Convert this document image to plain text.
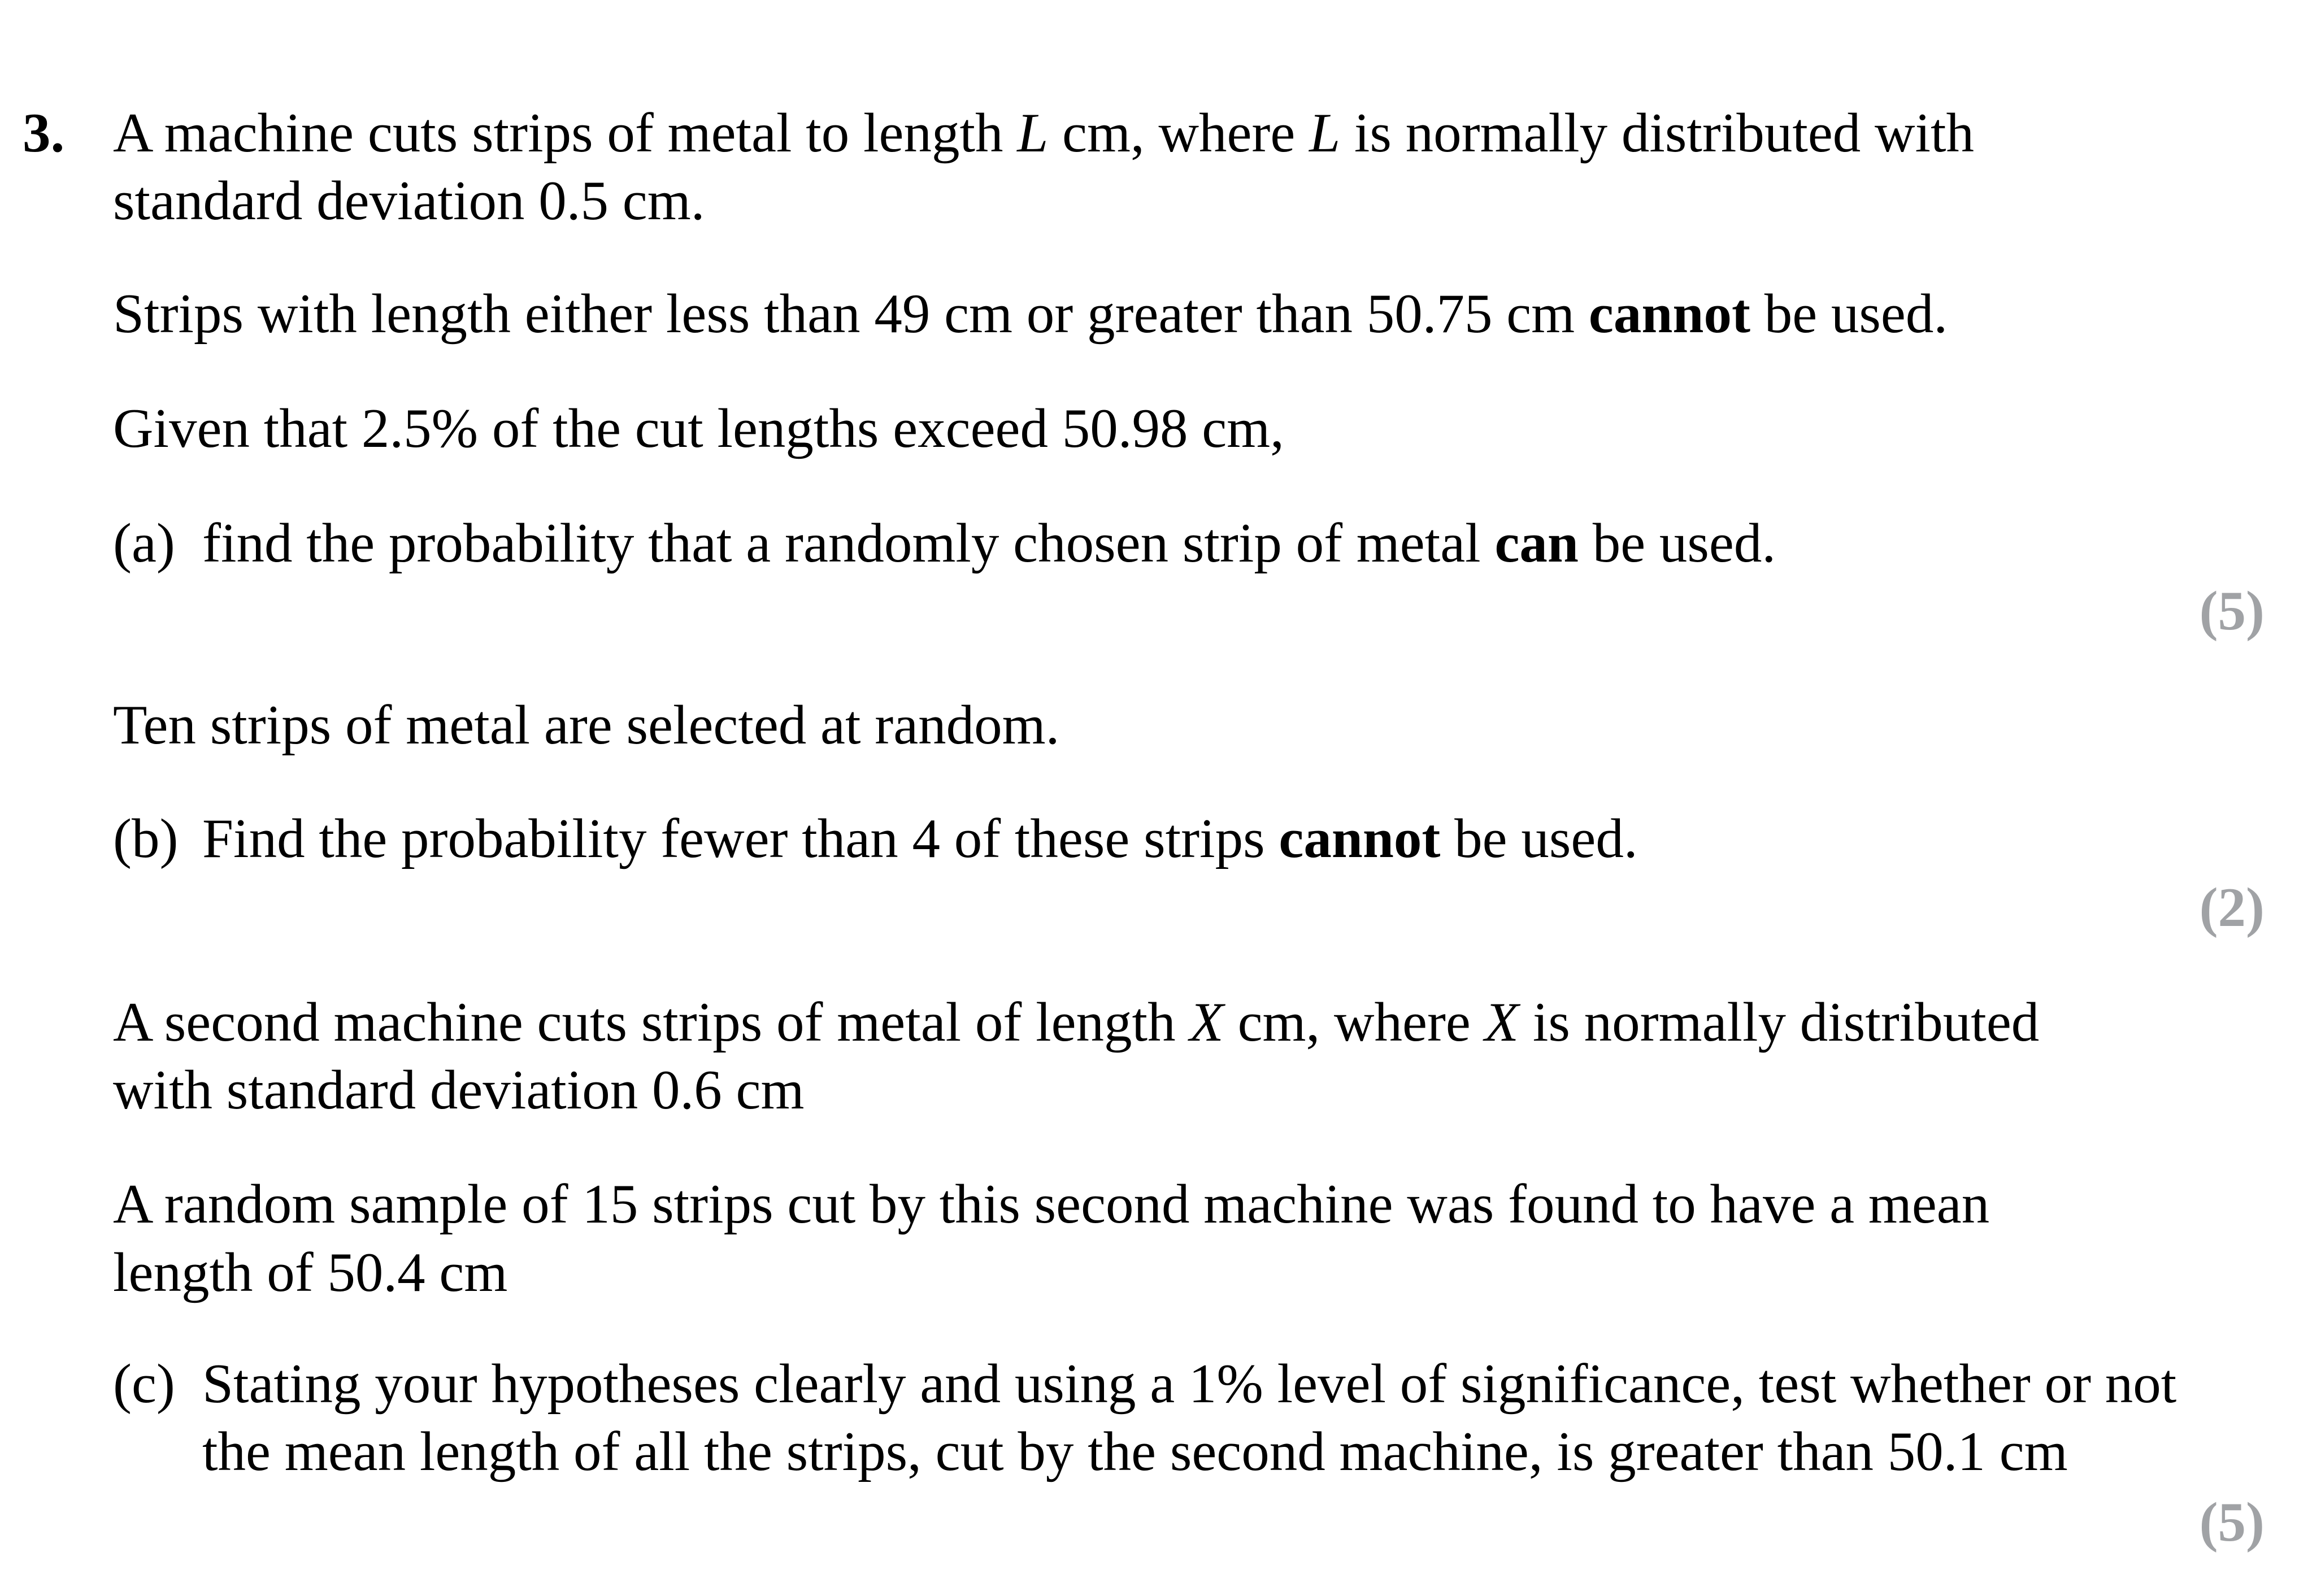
3. A machine cuts strips of metal to length L cm, where L is normally distributed with
standard deviation 0.5 cm.
Strips with length either less than 49 cm or greater than 50.75 cm cannot be used.
Given that 2.5% of the cut lengths exceed 50.98 cm,
(a) find the probability that a randomly chosen strip of metal can be used.
(5)
Ten strips of metal are selected at random.
(b) Find the probability fewer than 4 of these strips cannot be used.
(2)
A second machine cuts strips of metal of length X cm, where X is normally distributed
with standard deviation 0.6 cm
A random sample of 15 strips cut by this second machine was found to have a mean
length of 50.4 cm
(c) Stating your hypotheses clearly and using a 1% level of significance, test whether or not
the mean length of all the strips, cut by the second machine, is greater than 50.1 cm
(5)
